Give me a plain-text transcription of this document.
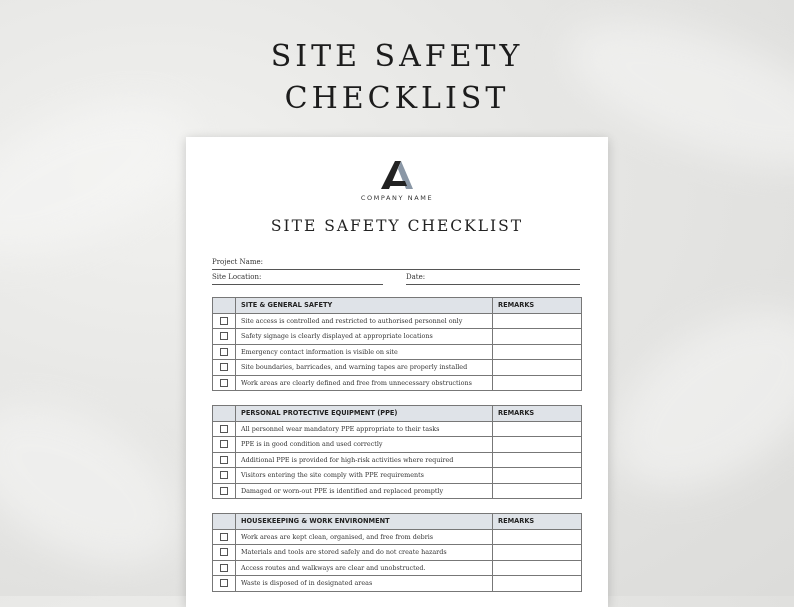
SITE SAFETY
CHECKLIST
COMPANY NAME
SITE SAFETY CHECKLIST
Project Name:
Site Location:	Date:
	SITE & GENERAL SAFETY	REMARKS
	Site access is controlled and restricted to authorised personnel only	
	Safety signage is clearly displayed at appropriate locations	
	Emergency contact information is visible on site	
	Site boundaries, barricades, and warning tapes are properly installed	
	Work areas are clearly defined and free from unnecessary obstructions	
	PERSONAL PROTECTIVE EQUIPMENT (PPE)	REMARKS
	All personnel wear mandatory PPE appropriate to their tasks	
	PPE is in good condition and used correctly	
	Additional PPE is provided for high-risk activities where required	
	Visitors entering the site comply with PPE requirements	
	Damaged or worn-out PPE is identified and replaced promptly	
	HOUSEKEEPING & WORK ENVIRONMENT	REMARKS
	Work areas are kept clean, organised, and free from debris	
	Materials and tools are stored safely and do not create hazards	
	Access routes and walkways are clear and unobstructed.	
	Waste is disposed of in designated areas	
